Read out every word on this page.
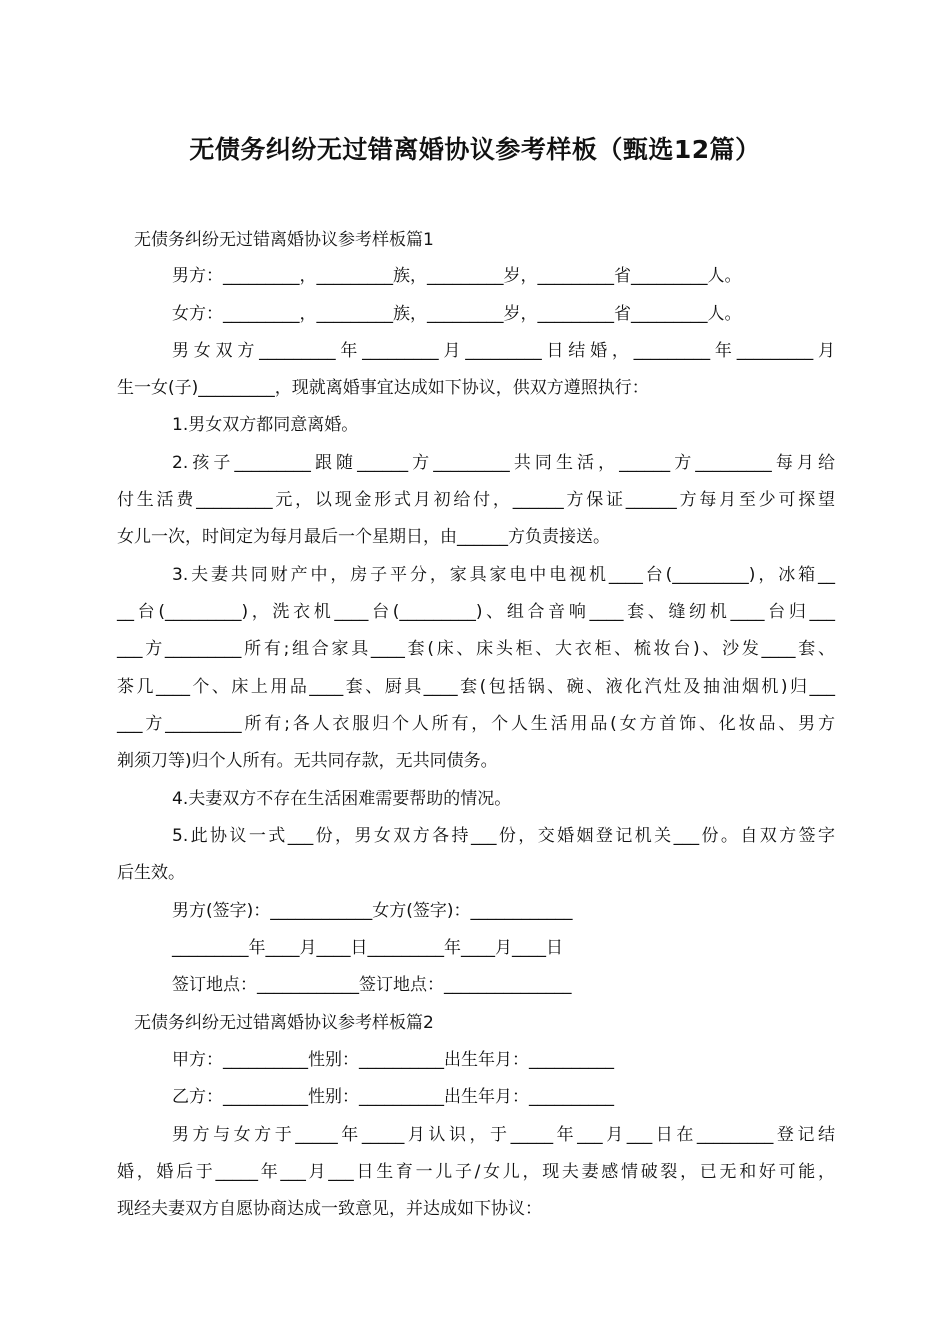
无债务纠纷无过错离婚协议参考样板（甄选12篇）

无债务纠纷无过错离婚协议参考样板篇1

男方：_________，_________族，_________岁，_________省_________人。

女方：_________，_________族，_________岁，_________省_________人。

男女双方_________年_________月_________日结婚，_________年_________月

生一女(子)_________，现就离婚事宜达成如下协议，供双方遵照执行：

1.男女双方都同意离婚。

2.孩子_________跟随______方_________共同生活，______方_________每月给

付生活费_________元，以现金形式月初给付，______方保证______方每月至少可探望

女儿一次，时间定为每月最后一个星期日，由______方负责接送。

3.夫妻共同财产中，房子平分，家具家电中电视机____台(_________)，冰箱__

__台(_________)，洗衣机____台(_________)、组合音响____套、缝纫机____台归___

___方_________所有;组合家具____套(床、床头柜、大衣柜、梳妆台)、沙发____套、

茶几____个、床上用品____套、厨具____套(包括锅、碗、液化汽灶及抽油烟机)归___

___方_________所有;各人衣服归个人所有，个人生活用品(女方首饰、化妆品、男方

剃须刀等)归个人所有。无共同存款，无共同债务。

4.夫妻双方不存在生活困难需要帮助的情况。

5.此协议一式___份，男女双方各持___份，交婚姻登记机关___份。自双方签字

后生效。

男方(签字)：____________女方(签字)：____________

_________年____月____日_________年____月____日

签订地点：____________签订地点：_______________

无债务纠纷无过错离婚协议参考样板篇2

甲方：__________性别：__________出生年月：__________

乙方：__________性别：__________出生年月：__________

男方与女方于_____年_____月认识，于_____年___月___日在_________登记结

婚，婚后于_____年___月___日生育一儿子/女儿，现夫妻感情破裂，已无和好可能，

现经夫妻双方自愿协商达成一致意见，并达成如下协议：
